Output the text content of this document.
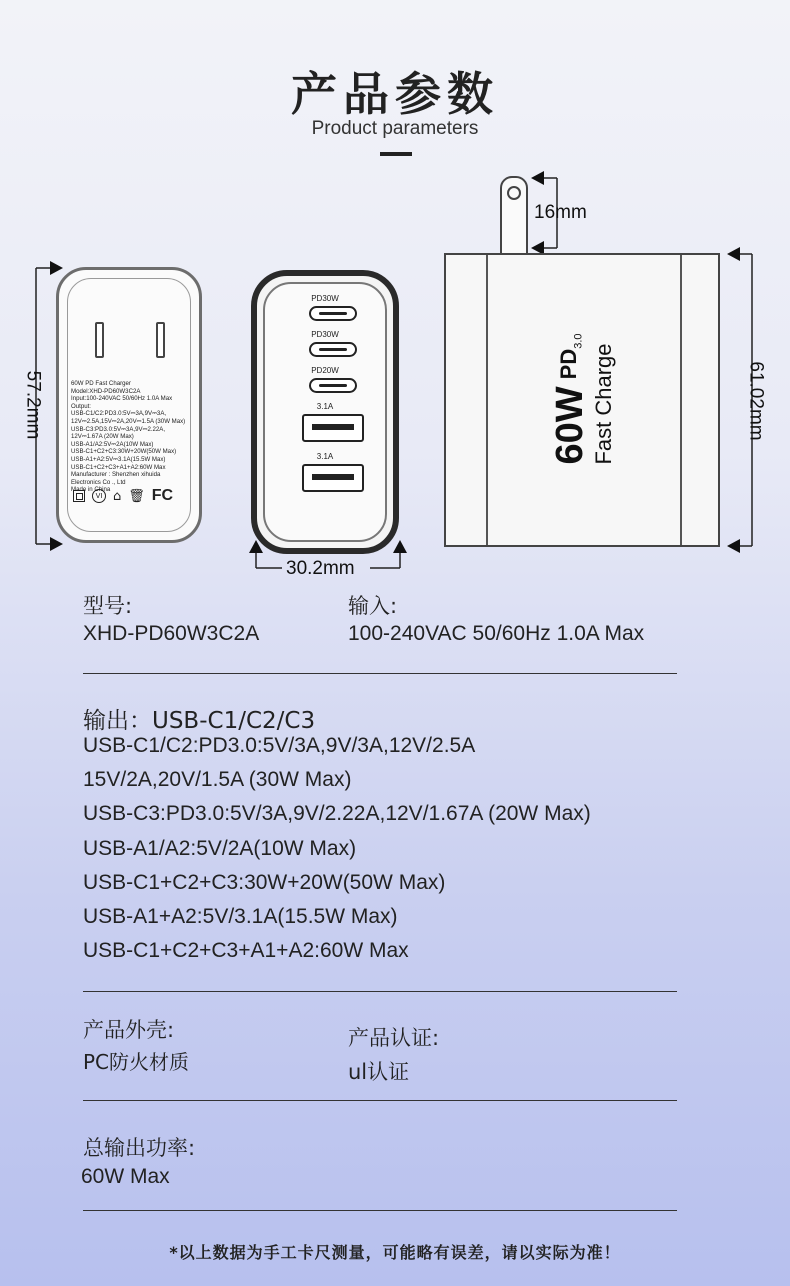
产品参数
Product parameters
57.2mm
30.2mm
16mm
61.02mm
60W PD Fast Charger
Model:XHD-PD60W3C2A
Input:100-240VAC 50/60Hz 1.0A Max
Output:
USB-C1/C2:PD3.0:5V⎓3A,9V⎓3A,
12V⎓2.5A,15V⎓2A,20V⎓1.5A (30W Max)
USB-C3:PD3.0:5V⎓3A,9V⎓2.22A,
12V⎓1.67A (20W Max)
USB-A1/A2:5V⎓2A(10W Max)
USB-C1+C2+C3:30W+20W(50W Max)
USB-A1+A2:5V⎓3.1A(15.5W Max)
USB-C1+C2+C3+A1+A2:60W Max
Manufacturer : Shenzhen xihuida
Electronics Co ., Ltd
Made in China
VI ⌂ 🗑 FC
PD30W
PD30W
PD20W
3.1A
3.1A	60W $PD_{3.0}$
Fast Charge
型号:
XHD-PD60W3C2A
输入:
100-240VAC 50/60Hz 1.0A Max
输出：USB-C1/C2/C3
USB-C1/C2:PD3.0:5V/3A,9V/3A,12V/2.5A
15V/2A,20V/1.5A (30W Max)
USB-C3:PD3.0:5V/3A,9V/2.22A,12V/1.67A (20W Max)
USB-A1/A2:5V/2A(10W Max)
USB-C1+C2+C3:30W+20W(50W Max)
USB-A1+A2:5V/3.1A(15.5W Max)
USB-C1+C2+C3+A1+A2:60W Max
产品外壳:
PC防火材质
产品认证:
ul认证
总输出功率:
60W Max
*以上数据为手工卡尺测量，可能略有误差，请以实际为准！
